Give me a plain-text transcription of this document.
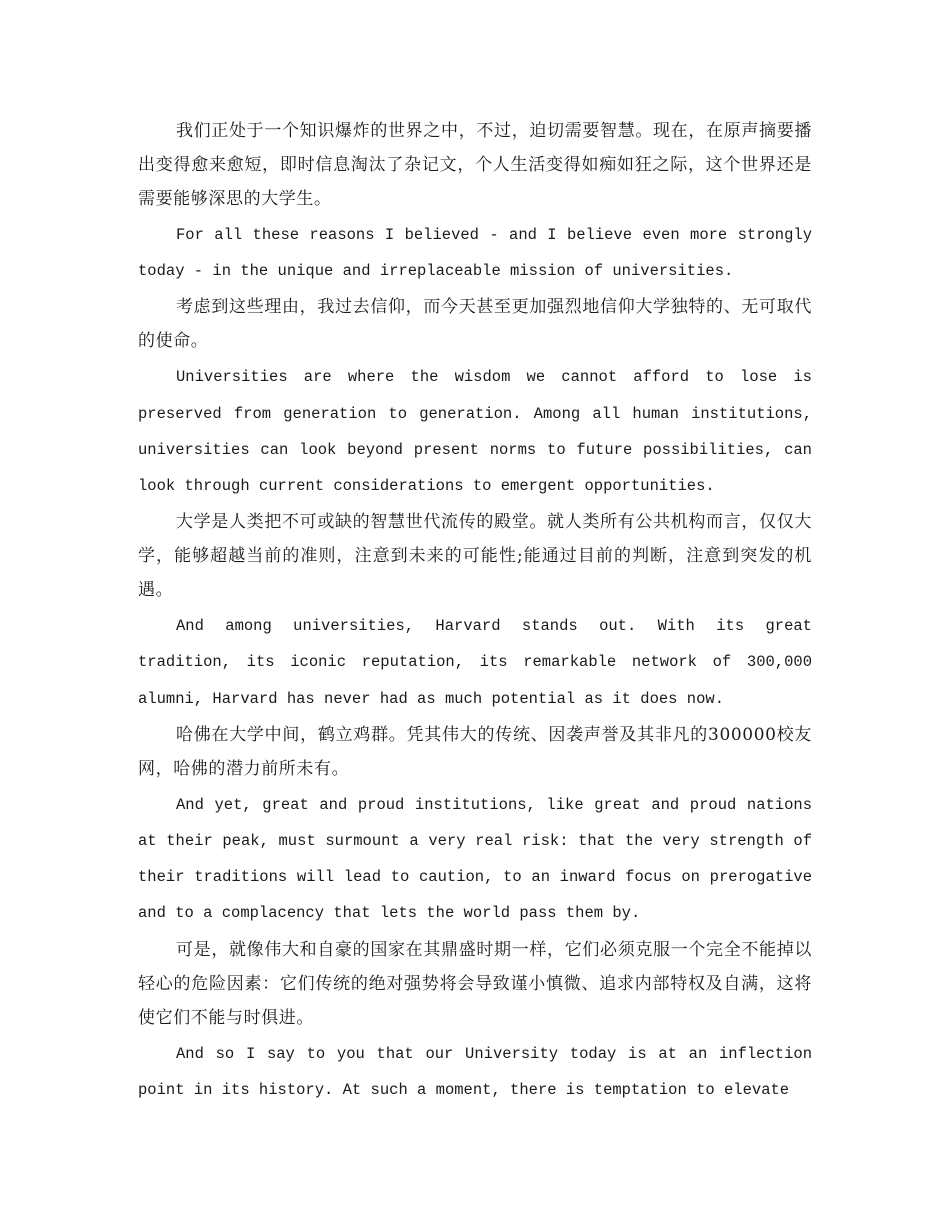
我们正处于一个知识爆炸的世界之中，不过，迫切需要智慧。现在，在原声摘要播出变得愈来愈短，即时信息淘汰了杂记文，个人生活变得如痴如狂之际，这个世界还是需要能够深思的大学生。

For all these reasons I believed - and I believe even more strongly today - in the unique and irreplaceable mission of universities.

考虑到这些理由，我过去信仰，而今天甚至更加强烈地信仰大学独特的、无可取代的使命。

Universities are where the wisdom we cannot afford to lose is preserved from generation to generation. Among all human institutions, universities can look beyond present norms to future possibilities, can look through current considerations to emergent opportunities.

大学是人类把不可或缺的智慧世代流传的殿堂。就人类所有公共机构而言，仅仅大学，能够超越当前的准则，注意到未来的可能性;能通过目前的判断，注意到突发的机遇。

And among universities, Harvard stands out. With its great tradition, its iconic reputation, its remarkable network of 300,000 alumni, Harvard has never had as much potential as it does now.

哈佛在大学中间，鹤立鸡群。凭其伟大的传统、因袭声誉及其非凡的300000校友网，哈佛的潜力前所未有。

And yet, great and proud institutions, like great and proud nations at their peak, must surmount a very real risk: that the very strength of their traditions will lead to caution, to an inward focus on prerogative and to a complacency that lets the world pass them by.

可是，就像伟大和自豪的国家在其鼎盛时期一样，它们必须克服一个完全不能掉以轻心的危险因素：它们传统的绝对强势将会导致谨小慎微、追求内部特权及自满，这将使它们不能与时俱进。

And so I say to you that our University today is at an inflection point in its history. At such a moment, there is temptation to elevate
